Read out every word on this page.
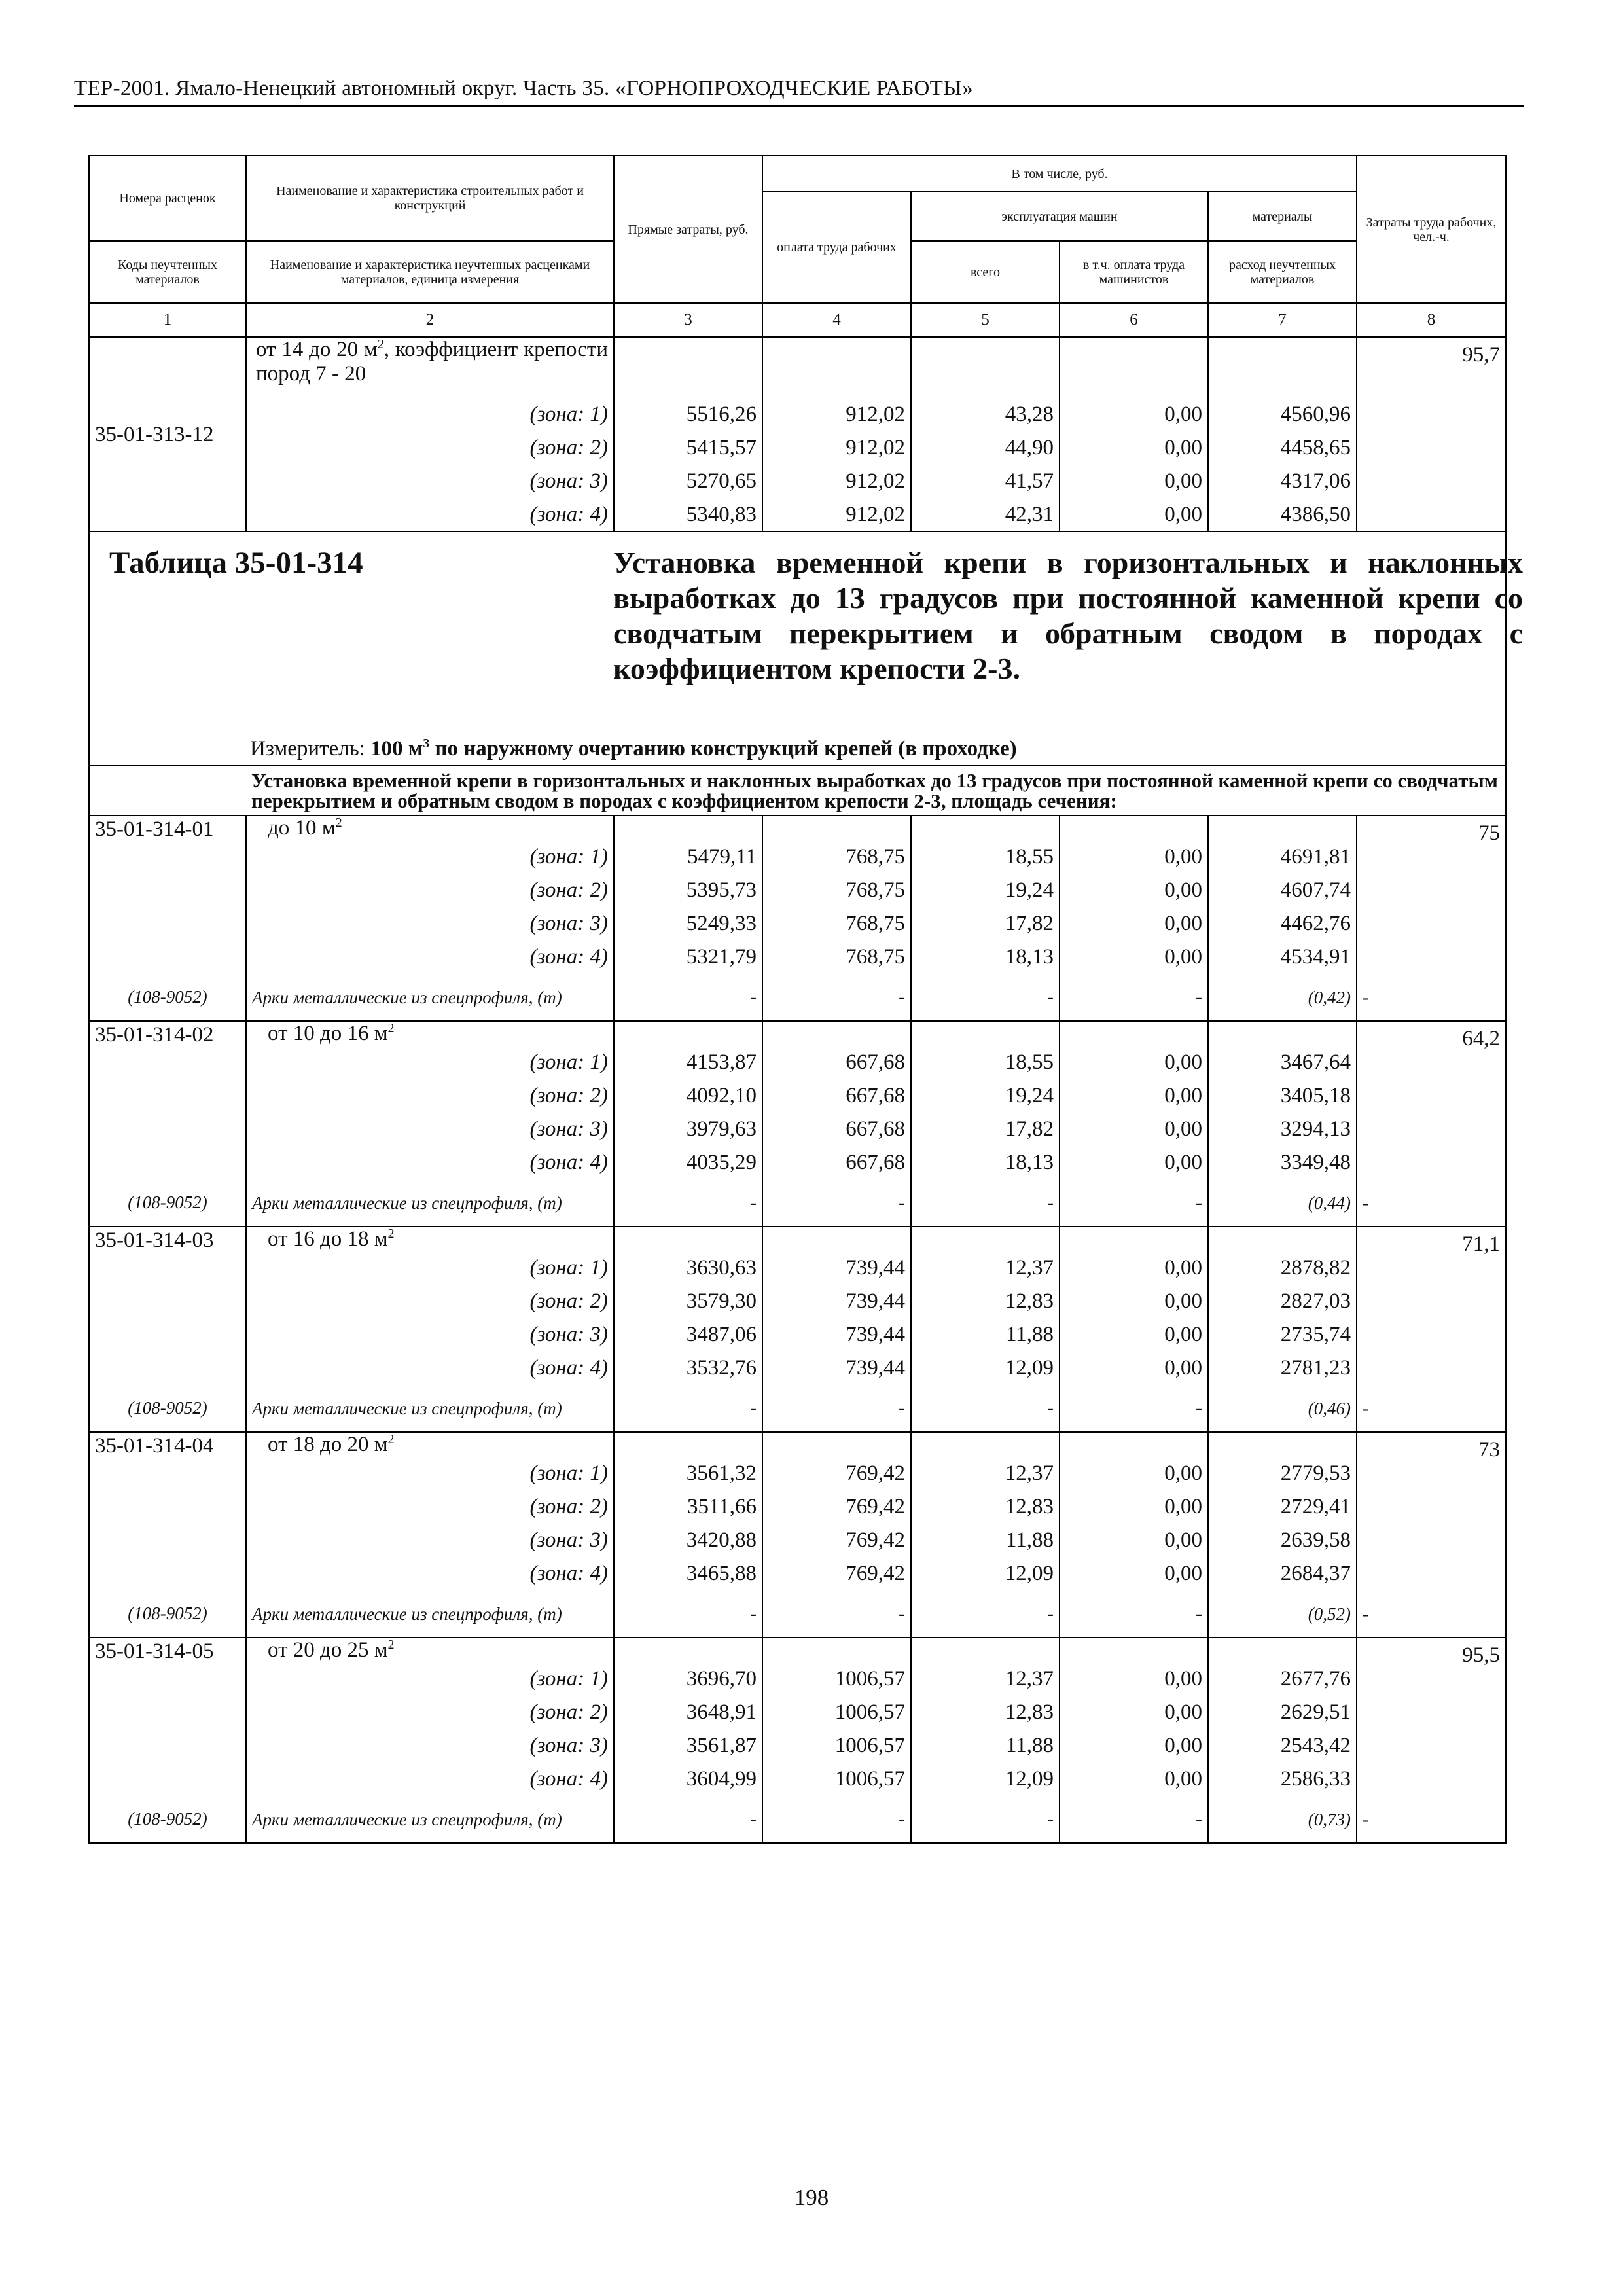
ТЕР-2001. Ямало-Ненецкий автономный округ. Часть 35. «ГОРНОПРОХОДЧЕСКИЕ РАБОТЫ»
Номера расценок	Наименование и характеристика строительных работ и конструкций	Прямые затраты, руб.	В том числе, руб.				Затраты труда рабочих, чел.-ч.
			оплата труда рабочих	эксплуатация машин		материалы	
Коды неучтенных материалов	Наименование и характеристика неучтенных расценками материалов, единица измерения			всего	в т.ч. оплата труда машинистов	расход неучтенных материалов	
1	2	3	4	5	6	7	8
35-01-313-12	от 14 до 20 $м^2$, коэффициент крепости пород 7 - 20						95,7
	(зона: 1)	5516,26	912,02	43,28	0,00	4560,96	
	(зона: 2)	5415,57	912,02	44,90	0,00	4458,65	
	(зона: 3)	5270,65	912,02	41,57	0,00	4317,06	
	(зона: 4)	5340,83	912,02	42,31	0,00	4386,50	

Таблица 35-01-314 Установка временной крепи в горизонтальных и наклонных выработках до 13 градусов при постоянной каменной крепи со сводчатым перекрытием и обратным сводом в породах с коэффициентом крепости 2-3.
Измеритель: 100 $м^3$ по наружному очертанию конструкций крепей (в проходке)							

	Установка временной крепи в горизонтальных и наклонных выработках до 13 градусов при постоянной каменной крепи со сводчатым перекрытием и обратным сводом в породах с коэффициентом крепости 2-3, площадь сечения:						
35-01-314-01	до 10 $м^2$						75
	(зона: 1)	5479,11	768,75	18,55	0,00	4691,81	
	(зона: 2)	5395,73	768,75	19,24	0,00	4607,74	
	(зона: 3)	5249,33	768,75	17,82	0,00	4462,76	
	(зона: 4)	5321,79	768,75	18,13	0,00	4534,91	
(108-9052)	Арки металлические из спецпрофиля, (т)	-	-	-	-	(0,42)	-
35-01-314-02	от 10 до 16 $м^2$						64,2
	(зона: 1)	4153,87	667,68	18,55	0,00	3467,64	
	(зона: 2)	4092,10	667,68	19,24	0,00	3405,18	
	(зона: 3)	3979,63	667,68	17,82	0,00	3294,13	
	(зона: 4)	4035,29	667,68	18,13	0,00	3349,48	
(108-9052)	Арки металлические из спецпрофиля, (т)	-	-	-	-	(0,44)	-
35-01-314-03	от 16 до 18 $м^2$						71,1
	(зона: 1)	3630,63	739,44	12,37	0,00	2878,82	
	(зона: 2)	3579,30	739,44	12,83	0,00	2827,03	
	(зона: 3)	3487,06	739,44	11,88	0,00	2735,74	
	(зона: 4)	3532,76	739,44	12,09	0,00	2781,23	
(108-9052)	Арки металлические из спецпрофиля, (т)	-	-	-	-	(0,46)	-
35-01-314-04	от 18 до 20 $м^2$						73
	(зона: 1)	3561,32	769,42	12,37	0,00	2779,53	
	(зона: 2)	3511,66	769,42	12,83	0,00	2729,41	
	(зона: 3)	3420,88	769,42	11,88	0,00	2639,58	
	(зона: 4)	3465,88	769,42	12,09	0,00	2684,37	
(108-9052)	Арки металлические из спецпрофиля, (т)	-	-	-	-	(0,52)	-
35-01-314-05	от 20 до 25 $м^2$						95,5
	(зона: 1)	3696,70	1006,57	12,37	0,00	2677,76	
	(зона: 2)	3648,91	1006,57	12,83	0,00	2629,51	
	(зона: 3)	3561,87	1006,57	11,88	0,00	2543,42	
	(зона: 4)	3604,99	1006,57	12,09	0,00	2586,33	
(108-9052)	Арки металлические из спецпрофиля, (т)	-	-	-	-	(0,73)	-
198
